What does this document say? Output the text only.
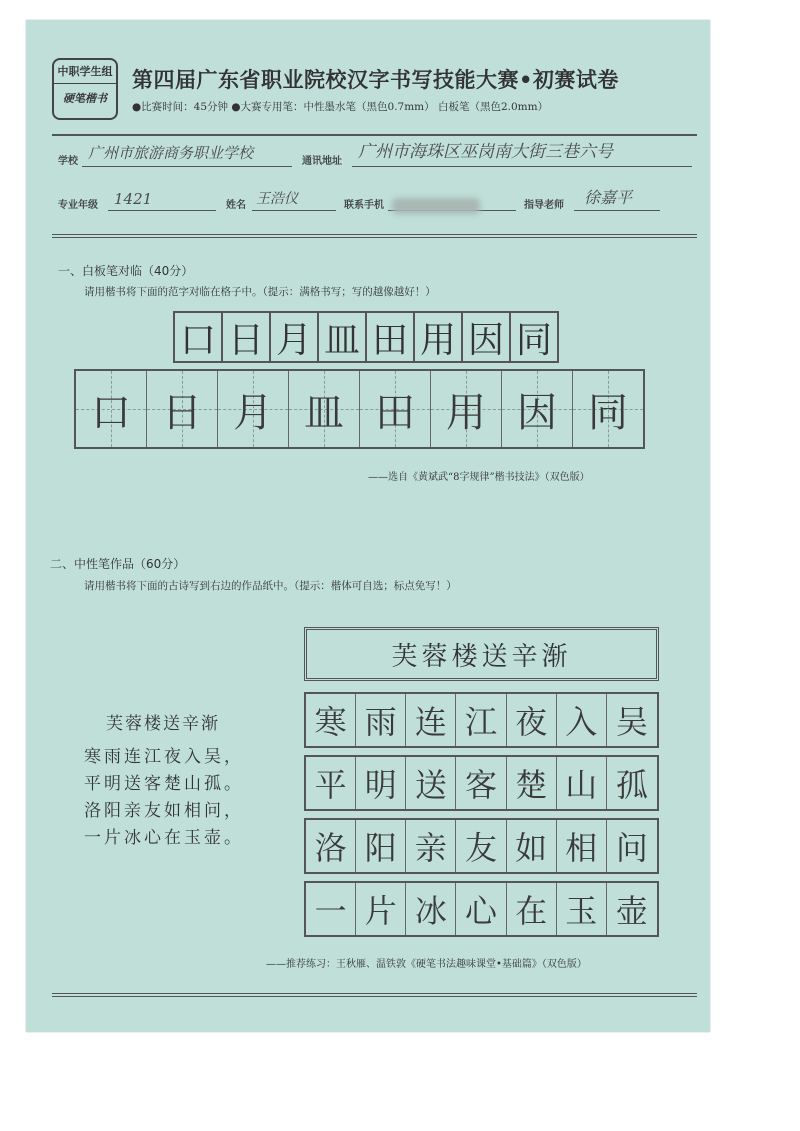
中职学生组
硬笔楷书
第四届广东省职业院校汉字书写技能大赛•初赛试卷
●比赛时间：45分钟 ●大赛专用笔：中性墨水笔（黑色0.7mm） 白板笔（黑色2.0mm）
学校 广州市旅游商务职业学校	通讯地址 广州市海珠区巫岗南大街三巷六号
专业年级 1421	姓名 王浩仪	联系手机	指导老师 徐嘉平
一、白板笔对临（40分）
请用楷书将下面的范字对临在格子中。（提示：满格书写；写的越像越好！）
口 日 月 皿 田 用 因 同
口 日 月 皿 田 用 因 同
——选自《黄斌武“8字规律”楷书技法》（双色版）
二、中性笔作品（60分）
请用楷书将下面的古诗写到右边的作品纸中。（提示：楷体可自选；标点免写！）
芙蓉楼送辛渐
寒雨连江夜入吴，
平明送客楚山孤。
洛阳亲友如相问，
一片冰心在玉壶。
芙蓉楼送辛渐
寒 雨 连 江 夜 入 吴
平 明 送 客 楚 山 孤
洛 阳 亲 友 如 相 问
一 片 冰 心 在 玉 壶
——推荐练习：王秋雁、温铁敦《硬笔书法趣味课堂•基础篇》（双色版）
